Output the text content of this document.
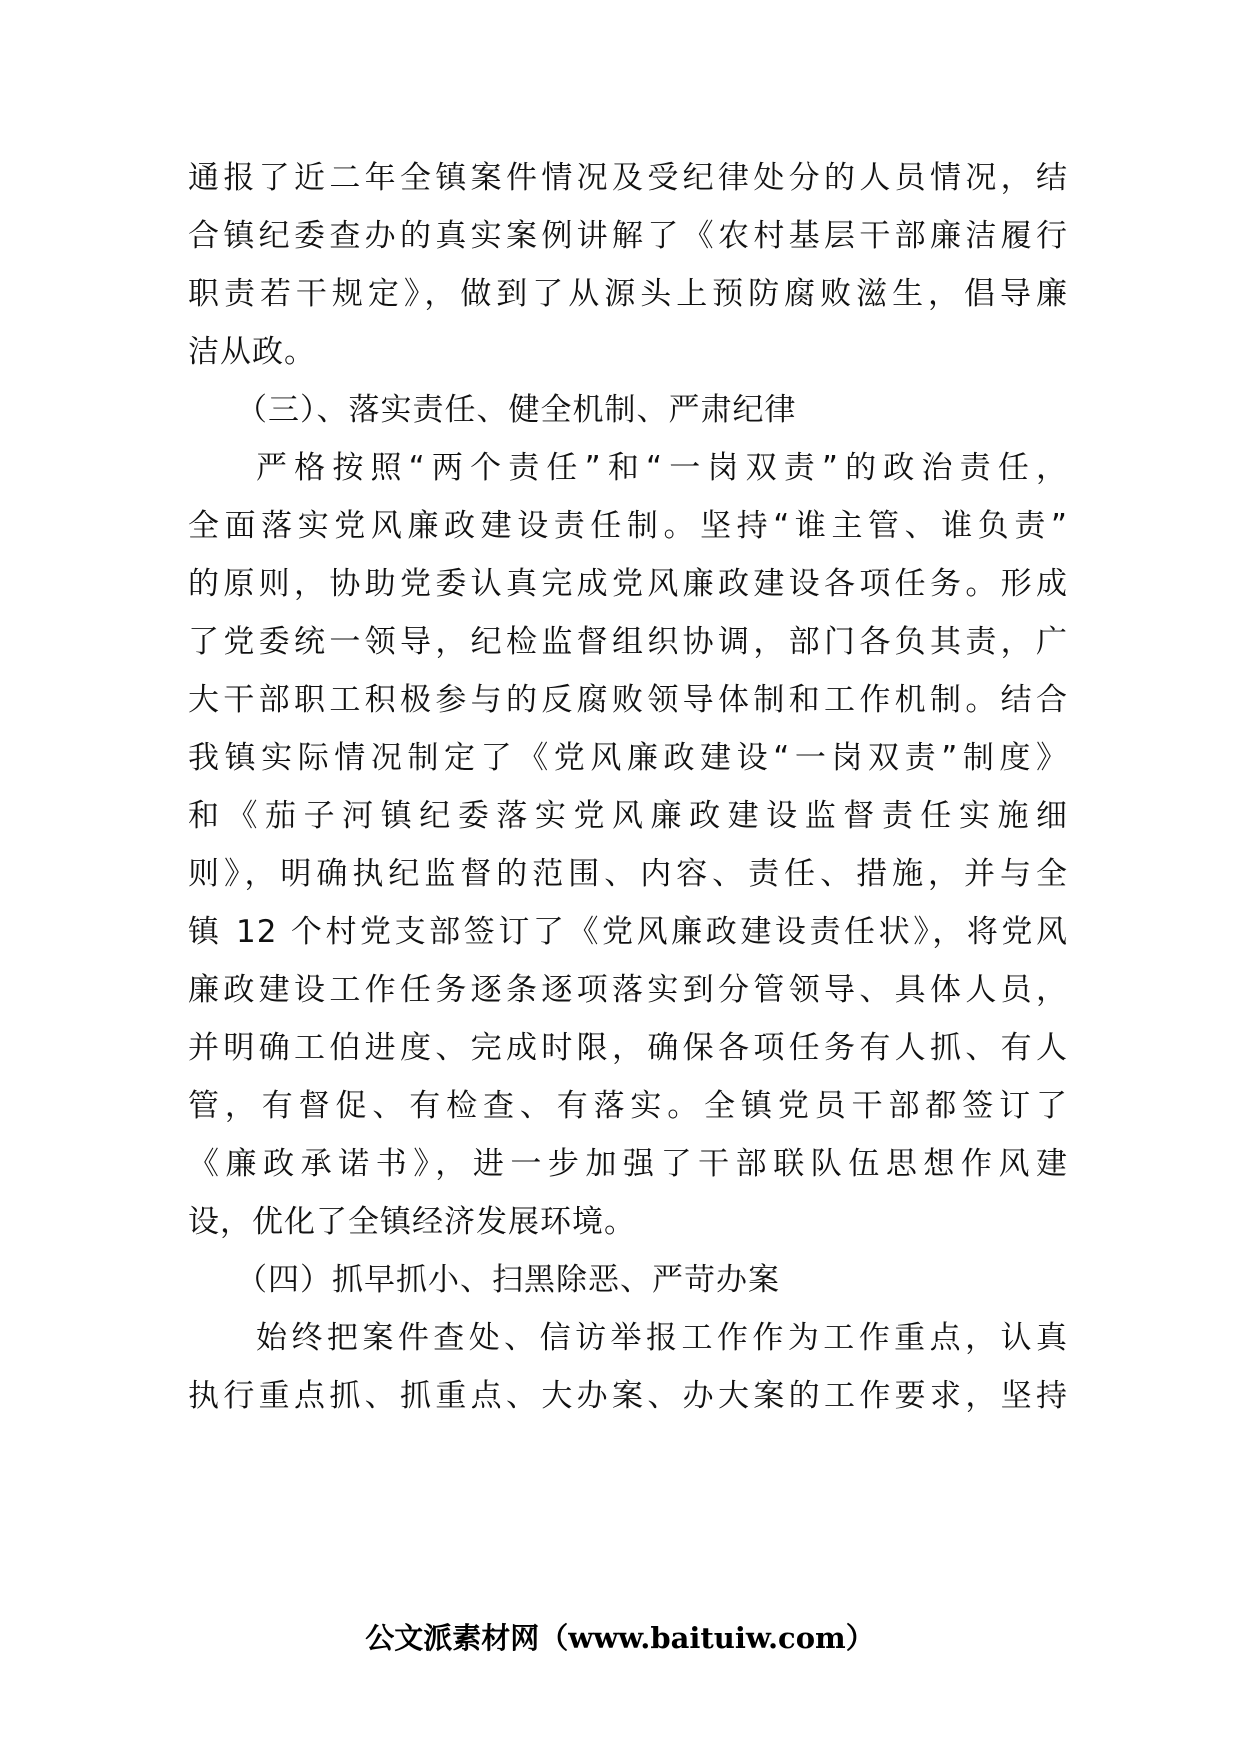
通报了近二年全镇案件情况及受纪律处分的人员情况，结
合镇纪委查办的真实案例讲解了《农村基层干部廉洁履行
职责若干规定》，做到了从源头上预防腐败滋生，倡导廉
洁从政。
（三）、落实责任、健全机制、严肃纪律
严格按照“两个责任”和“一岗双责”的政治责任，
全面落实党风廉政建设责任制。坚持“谁主管、谁负责”
的原则，协助党委认真完成党风廉政建设各项任务。形成
了党委统一领导，纪检监督组织协调，部门各负其责，广
大干部职工积极参与的反腐败领导体制和工作机制。结合
我镇实际情况制定了《党风廉政建设“一岗双责”制度》
和《茄子河镇纪委落实党风廉政建设监督责任实施细
则》，明确执纪监督的范围、内容、责任、措施，并与全
镇 12 个村党支部签订了《党风廉政建设责任状》，将党风
廉政建设工作任务逐条逐项落实到分管领导、具体人员，
并明确工伯进度、完成时限，确保各项任务有人抓、有人
管，有督促、有检查、有落实。全镇党员干部都签订了
《廉政承诺书》，进一步加强了干部联队伍思想作风建
设，优化了全镇经济发展环境。
（四）抓早抓小、扫黑除恶、严苛办案
始终把案件查处、信访举报工作作为工作重点，认真
执行重点抓、抓重点、大办案、办大案的工作要求，坚持
公文派素材网（www.baituiw.com）
